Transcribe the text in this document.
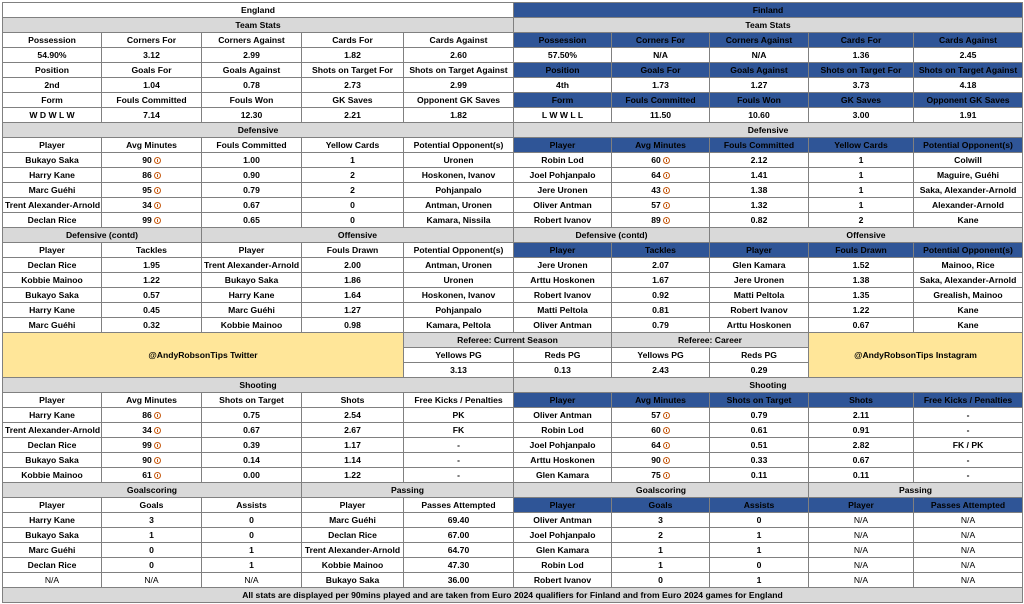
England					Finland				
Team Stats					Team Stats				
Possession	Corners For	Corners Against	Cards For	Cards Against	Possession	Corners For	Corners Against	Cards For	Cards Against
54.90%	3.12	2.99	1.82	2.60	57.50%	N/A	N/A	1.36	2.45
Position	Goals For	Goals Against	Shots on Target For	Shots on Target Against	Position	Goals For	Goals Against	Shots on Target For	Shots on Target Against
2nd	1.04	0.78	2.73	2.99	4th	1.73	1.27	3.73	4.18
Form	Fouls Committed	Fouls Won	GK Saves	Opponent GK Saves	Form	Fouls Committed	Fouls Won	GK Saves	Opponent GK Saves
W D W L W	7.14	12.30	2.21	1.82	L W W L L	11.50	10.60	3.00	1.91
Defensive					Defensive				
Player	Avg Minutes	Fouls Committed	Yellow Cards	Potential Opponent(s)	Player	Avg Minutes	Fouls Committed	Yellow Cards	Potential Opponent(s)
Bukayo Saka	90	1.00	1	Uronen	Robin Lod	60	2.12	1	Colwill
Harry Kane	86	0.90	2	Hoskonen, Ivanov	Joel Pohjanpalo	64	1.41	1	Maguire, Guéhi
Marc Guéhi	95	0.79	2	Pohjanpalo	Jere Uronen	43	1.38	1	Saka, Alexander-Arnold
Trent Alexander-Arnold	34	0.67	0	Antman, Uronen	Oliver Antman	57	1.32	1	Alexander-Arnold
Declan Rice	99	0.65	0	Kamara, Nissila	Robert Ivanov	89	0.82	2	Kane
Defensive (contd)		Offensive			Defensive (contd)		Offensive		
Player	Tackles	Player	Fouls Drawn	Potential Opponent(s)	Player	Tackles	Player	Fouls Drawn	Potential Opponent(s)
Declan Rice	1.95	Trent Alexander-Arnold	2.00	Antman, Uronen	Jere Uronen	2.07	Glen Kamara	1.52	Mainoo, Rice
Kobbie Mainoo	1.22	Bukayo Saka	1.86	Uronen	Arttu Hoskonen	1.67	Jere Uronen	1.38	Saka, Alexander-Arnold
Bukayo Saka	0.57	Harry Kane	1.64	Hoskonen, Ivanov	Robert Ivanov	0.92	Matti Peltola	1.35	Grealish, Mainoo
Harry Kane	0.45	Marc Guéhi	1.27	Pohjanpalo	Matti Peltola	0.81	Robert Ivanov	1.22	Kane
Marc Guéhi	0.32	Kobbie Mainoo	0.98	Kamara, Peltola	Oliver Antman	0.79	Arttu Hoskonen	0.67	Kane
@AndyRobsonTips Twitter				Referee: Current Season		Referee: Career		@AndyRobsonTips Instagram	
				Yellows PG	Reds PG	Yellows PG	Reds PG		
				3.13	0.13	2.43	0.29		
Shooting					Shooting				
Player	Avg Minutes	Shots on Target	Shots	Free Kicks / Penalties	Player	Avg Minutes	Shots on Target	Shots	Free Kicks / Penalties
Harry Kane	86	0.75	2.54	PK	Oliver Antman	57	0.79	2.11	-
Trent Alexander-Arnold	34	0.67	2.67	FK	Robin Lod	60	0.61	0.91	-
Declan Rice	99	0.39	1.17	-	Joel Pohjanpalo	64	0.51	2.82	FK / PK
Bukayo Saka	90	0.14	1.14	-	Arttu Hoskonen	90	0.33	0.67	-
Kobbie Mainoo	61	0.00	1.22	-	Glen Kamara	75	0.11	0.11	-
Goalscoring			Passing		Goalscoring			Passing	
Player	Goals	Assists	Player	Passes Attempted	Player	Goals	Assists	Player	Passes Attempted
Harry Kane	3	0	Marc Guéhi	69.40	Oliver Antman	3	0	N/A	N/A
Bukayo Saka	1	0	Declan Rice	67.00	Joel Pohjanpalo	2	1	N/A	N/A
Marc Guéhi	0	1	Trent Alexander-Arnold	64.70	Glen Kamara	1	1	N/A	N/A
Declan Rice	0	1	Kobbie Mainoo	47.30	Robin Lod	1	0	N/A	N/A
N/A	N/A	N/A	Bukayo Saka	36.00	Robert Ivanov	0	1	N/A	N/A
All stats are displayed per 90mins played and are taken from Euro 2024 qualifiers for Finland and from Euro 2024 games for England									
